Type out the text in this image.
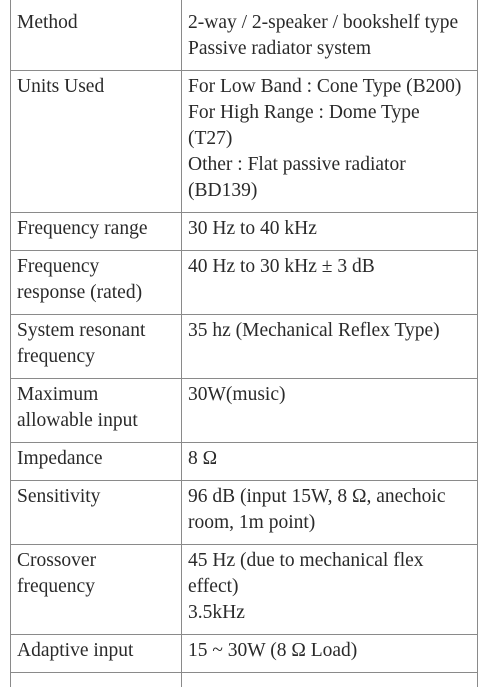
Method	2-way / 2-speaker / bookshelf type
Passive radiator system

Units Used	For Low Band : Cone Type (B200)
For High Range : Dome Type
(T27)
Other : Flat passive radiator
(BD139)

Frequency range	30 Hz to 40 kHz

Frequency
response (rated)	40 Hz to 30 kHz ± 3 dB

System resonant
frequency	35 hz (Mechanical Reflex Type)

Maximum
allowable input	30W(music)

Impedance	8 Ω

Sensitivity	96 dB (input 15W, 8 Ω, anechoic
room, 1m point)

Crossover
frequency	45 Hz (due to mechanical flex
effect)
3.5kHz

Adaptive input	15 ~ 30W (8 Ω Load)
